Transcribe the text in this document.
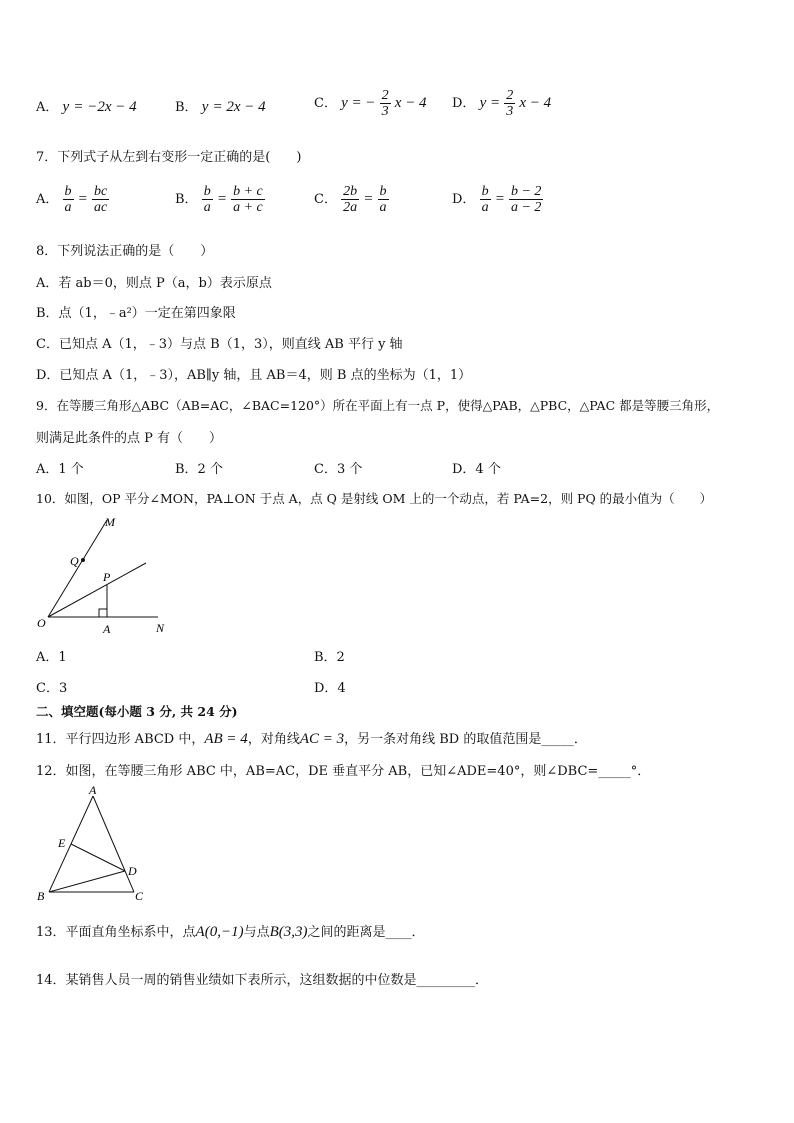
A． y = −2x − 4	B． y = 2x − 4	C． y = − $\frac{2}{3}$ x − 4 D． $y = \frac{2}{3}$ x − 4
7．下列式子从左到右变形一定正确的是(　　)
A． $\frac{b}{a} = \frac{bc}{ac}$	B． $\frac{b}{a} = \frac{b + c}{a + c}$	C． $\frac{2b}{2a} = \frac{b}{a}$	D． $\frac{b}{a} = \frac{b - 2}{a - 2}$
8．下列说法正确的是（　　）
A．若 ab＝0，则点 P（a，b）表示原点
B．点（1，﹣a²）一定在第四象限
C．已知点 A（1，﹣3）与点 B（1，3），则直线 AB 平行 y 轴
D．已知点 A（1，﹣3），AB∥y 轴，且 AB＝4，则 B 点的坐标为（1，1）
9．在等腰三角形△ABC（AB=AC，∠BAC=120°）所在平面上有一点 P，使得△PAB，△PBC，△PAC 都是等腰三角形，
则满足此条件的点 P 有（　　）
A．1 个	B．2 个	C．3 个	D．4 个
10．如图，OP 平分∠MON，PA⊥ON 于点 A，点 Q 是射线 OM 上的一个动点，若 PA=2，则 PQ 的最小值为（　　）
M
Q
P
O	A	N
A．1	B．2
C．3	D．4
二、填空题(每小题 3 分, 共 24 分)
11．平行四边形 ABCD 中，AB = 4，对角线AC = 3，另一条对角线 BD 的取值范围是_____．
12．如图，在等腰三角形 ABC 中，AB=AC，DE 垂直平分 AB，已知∠ADE=40°，则∠DBC=_____°．
A
E
D
B	C
13．平面直角坐标系中，点A(0,−1)与点B(3,3)之间的距离是____．
14．某销售人员一周的销售业绩如下表所示，这组数据的中位数是_________．
